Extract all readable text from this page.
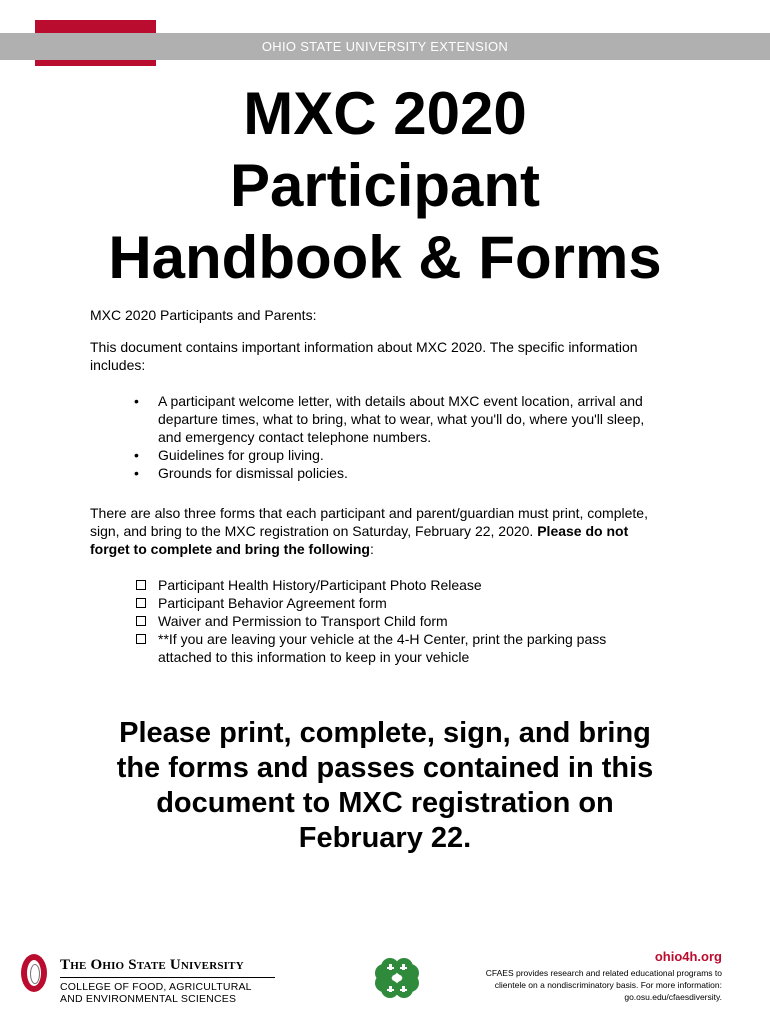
OHIO STATE UNIVERSITY EXTENSION
MXC 2020
Participant
Handbook & Forms

MXC 2020 Participants and Parents:

This document contains important information about MXC 2020. The specific information includes:

• A participant welcome letter, with details about MXC event location, arrival and departure times, what to bring, what to wear, what you'll do, where you'll sleep, and emergency contact telephone numbers.
• Guidelines for group living.
• Grounds for dismissal policies.

There are also three forms that each participant and parent/guardian must print, complete, sign, and bring to the MXC registration on Saturday, February 22, 2020. Please do not forget to complete and bring the following:

Participant Health History/Participant Photo Release
Participant Behavior Agreement form
Waiver and Permission to Transport Child form
**If you are leaving your vehicle at the 4-H Center, print the parking pass attached to this information to keep in your vehicle
Please print, complete, sign, and bring the forms and passes contained in this document to MXC registration on February 22.
The Ohio State University
COLLEGE OF FOOD, AGRICULTURAL
AND ENVIRONMENTAL SCIENCES
ohio4h.org
CFAES provides research and related educational programs to clientele on a nondiscriminatory basis. For more information: go.osu.edu/cfaesdiversity.
